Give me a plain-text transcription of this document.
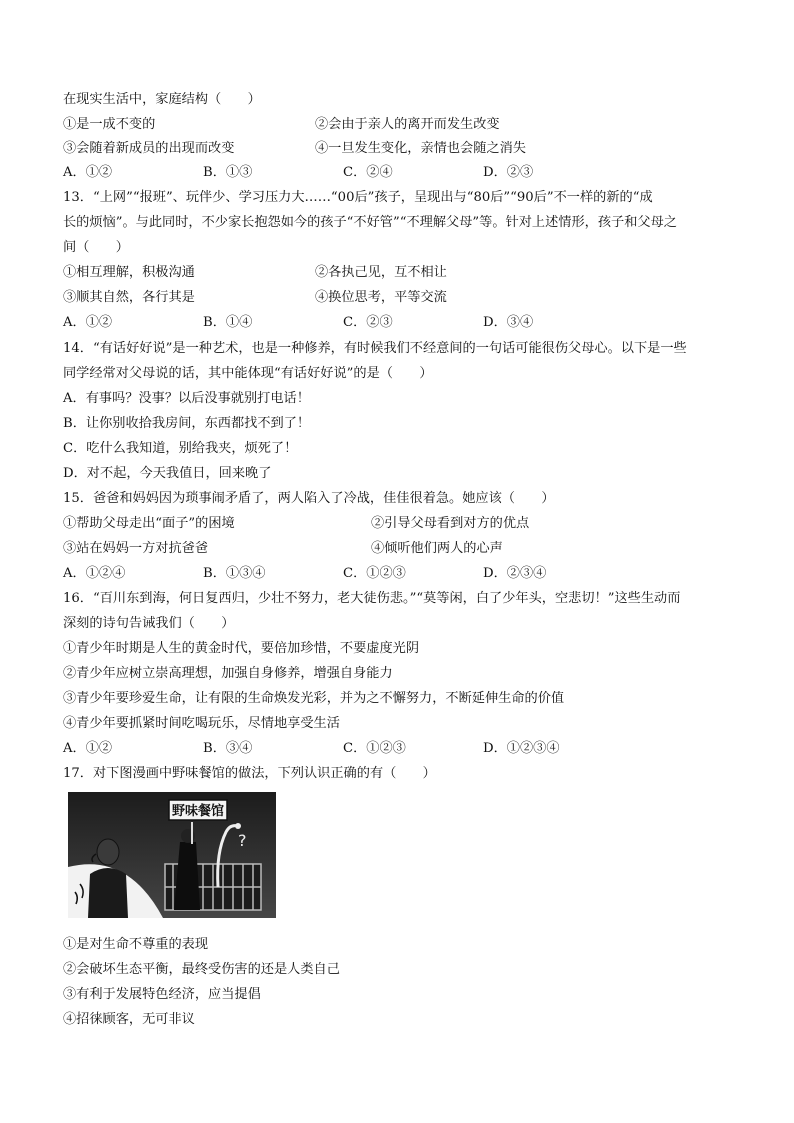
在现实生活中，家庭结构（　　）
①是一成不变的	②会由于亲人的离开而发生改变
③会随着新成员的出现而改变	④一旦发生变化，亲情也会随之消失
A．①②	B．①③	C．②④	D．②③
13．“上网”“报班”、玩伴少、学习压力大……“00后”孩子，呈现出与“80后”“90后”不一样的新的“成
长的烦恼”。与此同时，不少家长抱怨如今的孩子“不好管”“不理解父母”等。针对上述情形，孩子和父母之
间（　　）
①相互理解，积极沟通	②各执己见，互不相让
③顺其自然，各行其是	④换位思考，平等交流
A．①②	B．①④	C．②③	D．③④
14．“有话好好说”是一种艺术，也是一种修养，有时候我们不经意间的一句话可能很伤父母心。以下是一些
同学经常对父母说的话，其中能体现“有话好好说”的是（　　）
A．有事吗？没事？以后没事就别打电话！
B．让你别收拾我房间，东西都找不到了！
C．吃什么我知道，别给我夹，烦死了！
D．对不起，今天我值日，回来晚了
15．爸爸和妈妈因为琐事闹矛盾了，两人陷入了冷战，佳佳很着急。她应该（　　）
①帮助父母走出“面子”的困境	②引导父母看到对方的优点
③站在妈妈一方对抗爸爸	④倾听他们两人的心声
A．①②④	B．①③④	C．①②③	D．②③④
16．“百川东到海，何日复西归，少壮不努力，老大徒伤悲。”“莫等闲，白了少年头，空悲切！”这些生动而
深刻的诗句告诫我们（　　）
①青少年时期是人生的黄金时代，要倍加珍惜，不要虚度光阴
②青少年应树立崇高理想，加强自身修养，增强自身能力
③青少年要珍爱生命，让有限的生命焕发光彩，并为之不懈努力，不断延伸生命的价值
④青少年要抓紧时间吃喝玩乐，尽情地享受生活
A．①②	B．③④	C．①②③	D．①②③④
17．对下图漫画中野味餐馆的做法，下列认识正确的有（　　）
?
野味餐馆
①是对生命不尊重的表现
②会破坏生态平衡，最终受伤害的还是人类自己
③有利于发展特色经济，应当提倡
④招徕顾客，无可非议
